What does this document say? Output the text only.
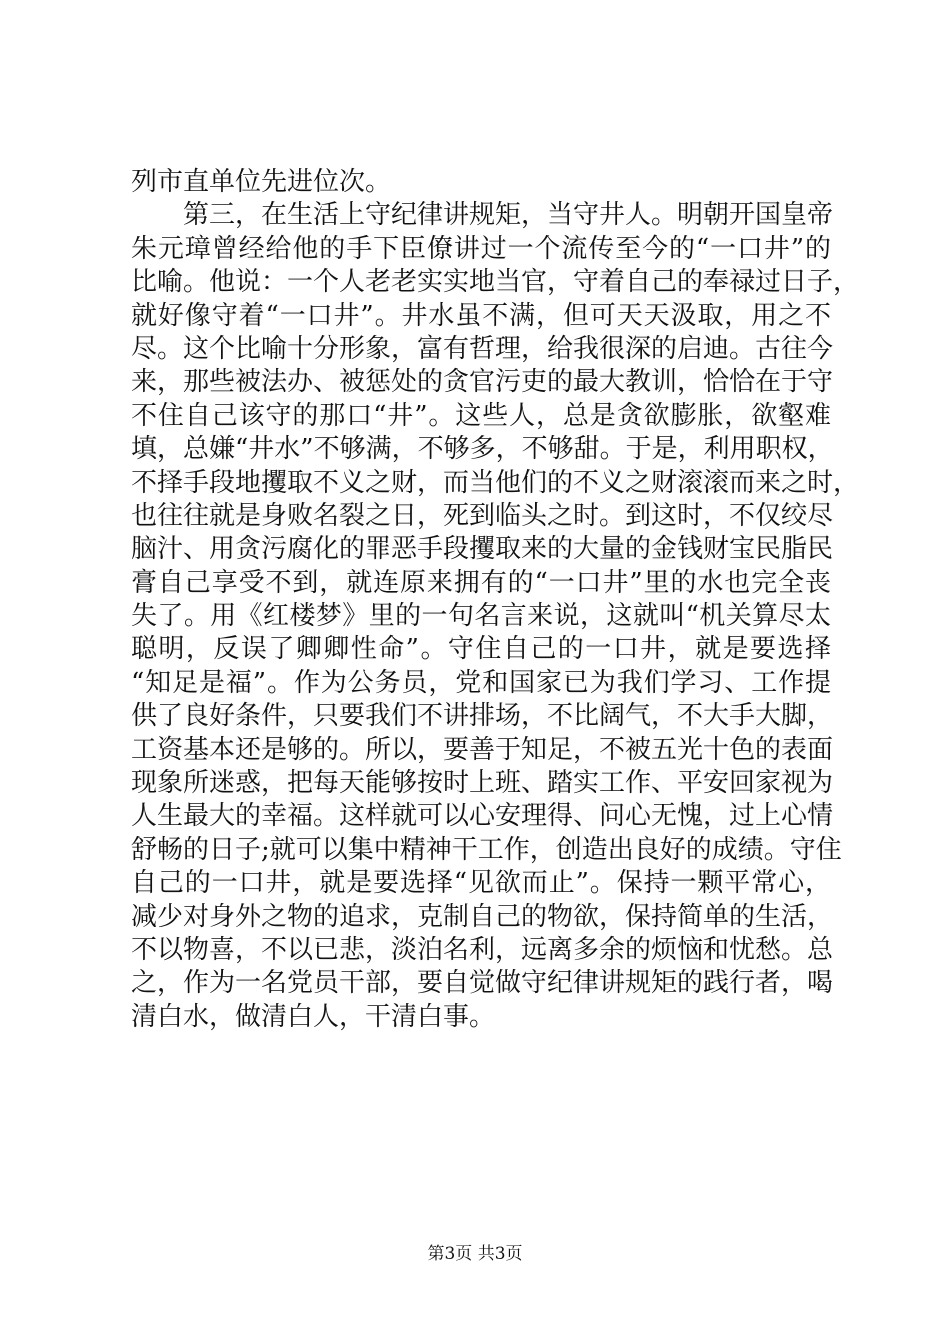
列市直单位先进位次。
　　第三，在生活上守纪律讲规矩，当守井人。明朝开国皇帝
朱元璋曾经给他的手下臣僚讲过一个流传至今的“一口井”的
比喻。他说：一个人老老实实地当官，守着自己的奉禄过日子，
就好像守着“一口井”。井水虽不满，但可天天汲取，用之不
尽。这个比喻十分形象，富有哲理，给我很深的启迪。古往今
来，那些被法办、被惩处的贪官污吏的最大教训，恰恰在于守
不住自己该守的那口“井”。这些人，总是贪欲膨胀，欲壑难
填，总嫌“井水”不够满，不够多，不够甜。于是，利用职权，
不择手段地攫取不义之财，而当他们的不义之财滚滚而来之时，
也往往就是身败名裂之日，死到临头之时。到这时，不仅绞尽
脑汁、用贪污腐化的罪恶手段攫取来的大量的金钱财宝民脂民
膏自己享受不到，就连原来拥有的“一口井”里的水也完全丧
失了。用《红楼梦》里的一句名言来说，这就叫“机关算尽太
聪明，反误了卿卿性命”。守住自己的一口井，就是要选择
“知足是福”。作为公务员，党和国家已为我们学习、工作提
供了良好条件，只要我们不讲排场，不比阔气，不大手大脚，
工资基本还是够的。所以，要善于知足，不被五光十色的表面
现象所迷惑，把每天能够按时上班、踏实工作、平安回家视为
人生最大的幸福。这样就可以心安理得、问心无愧，过上心情
舒畅的日子;就可以集中精神干工作，创造出良好的成绩。守住
自己的一口井，就是要选择“见欲而止”。保持一颗平常心，
减少对身外之物的追求，克制自己的物欲，保持简单的生活，
不以物喜，不以已悲，淡泊名利，远离多余的烦恼和忧愁。总
之，作为一名党员干部，要自觉做守纪律讲规矩的践行者，喝
清白水，做清白人，干清白事。
第3页 共3页
